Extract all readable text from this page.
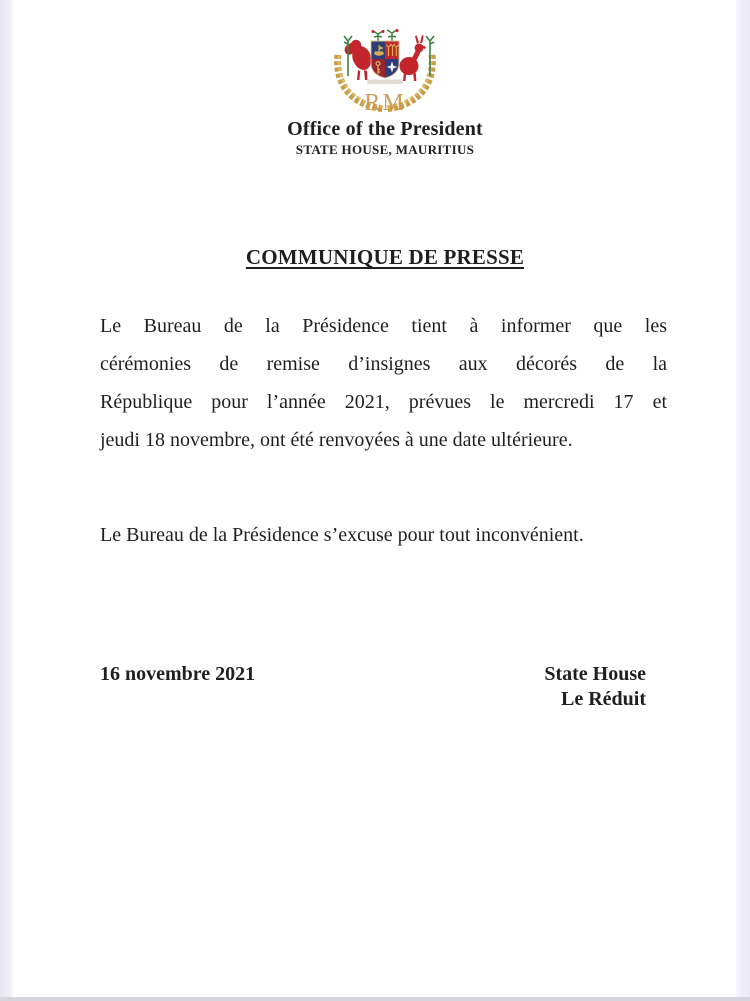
RM
Office of the President
STATE HOUSE, MAURITIUS
COMMUNIQUE DE PRESSE
Le Bureau de la Présidence tient à informer que les
cérémonies de remise d’insignes aux décorés de la
République pour l’année 2021, prévues le mercredi 17 et
jeudi 18 novembre, ont été renvoyées à une date ultérieure.
Le Bureau de la Présidence s’excuse pour tout inconvénient.
16 novembre 2021	State House
Le Réduit
